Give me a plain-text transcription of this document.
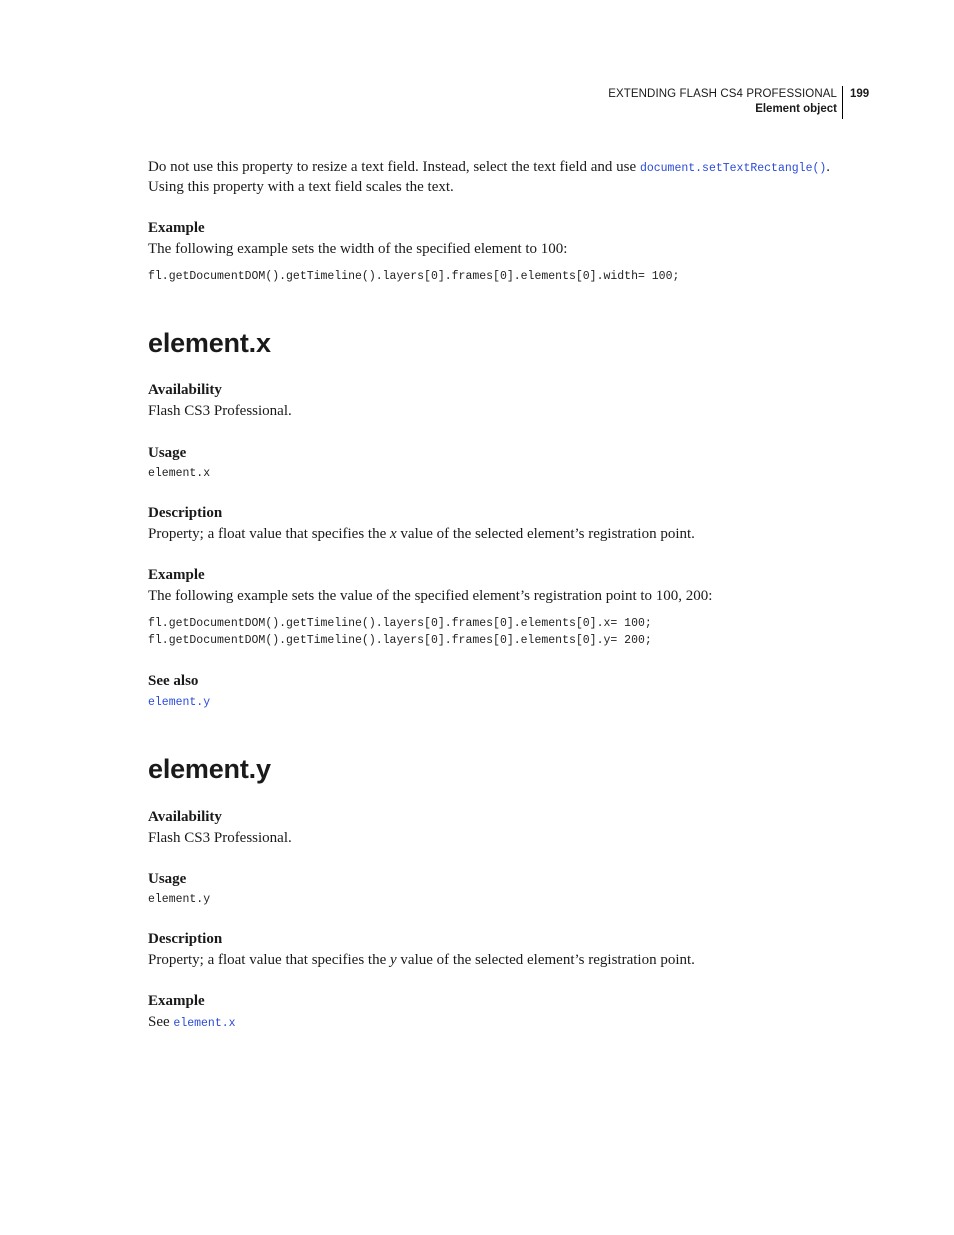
EXTENDING FLASH CS4 PROFESSIONAL
Element object
199

Do not use this property to resize a text field. Instead, select the text field and use document.setTextRectangle().

Using this property with a text field scales the text.

Example

The following example sets the width of the specified element to 100:

fl.getDocumentDOM().getTimeline().layers[0].frames[0].elements[0].width= 100;

element.x

Availability

Flash CS3 Professional.

Usage

element.x

Description

Property; a float value that specifies the x value of the selected element’s registration point.

Example

The following example sets the value of the specified element’s registration point to 100, 200:

fl.getDocumentDOM().getTimeline().layers[0].frames[0].elements[0].x= 100;

fl.getDocumentDOM().getTimeline().layers[0].frames[0].elements[0].y= 200;

See also

element.y

element.y

Availability

Flash CS3 Professional.

Usage

element.y

Description

Property; a float value that specifies the y value of the selected element’s registration point.

Example

See element.x
